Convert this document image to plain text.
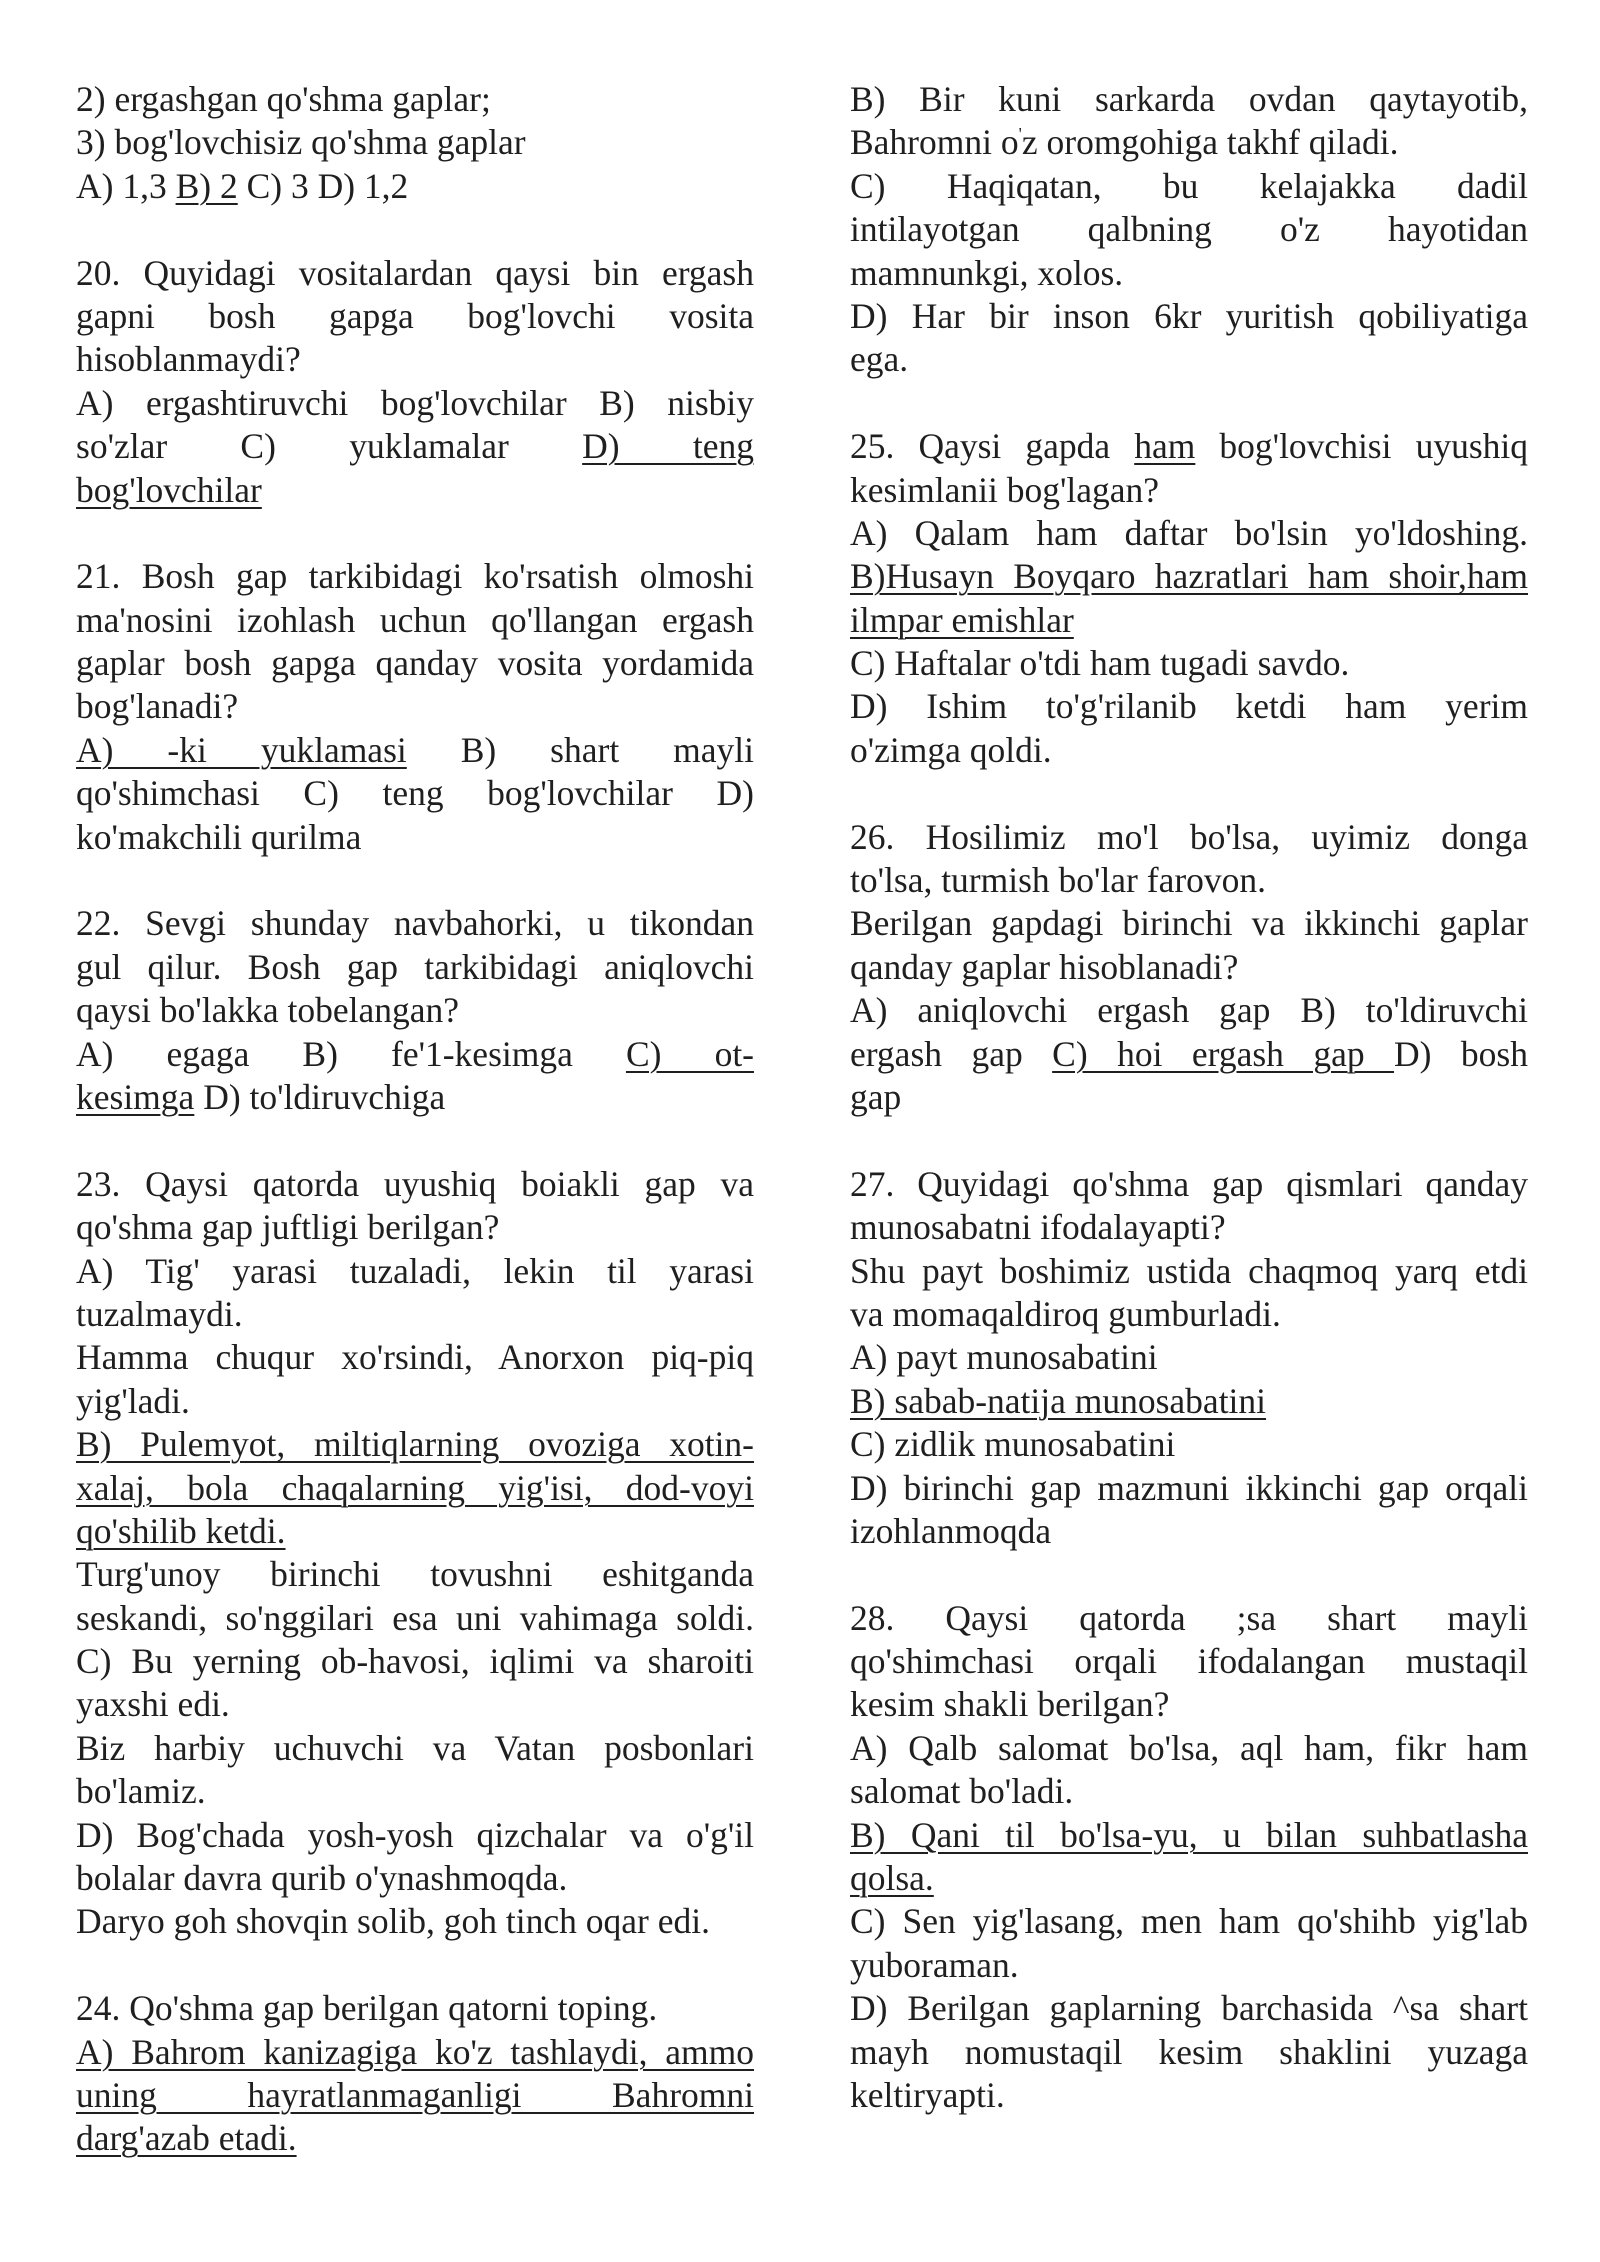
2) ergashgan qo'shma gaplar;
3) bog'lovchisiz qo'shma gaplar
A) 1,3 B) 2 C) 3 D) 1,2
20. Quyidagi vositalardan qaysi bin ergash
gapni bosh gapga bog'lovchi vosita
hisoblanmaydi?
A) ergashtiruvchi bog'lovchilar B) nisbiy
so'zlar C) yuklamalar D) teng
bog'lovchilar
21. Bosh gap tarkibidagi ko'rsatish olmoshi
ma'nosini izohlash uchun qo'llangan ergash
gaplar bosh gapga qanday vosita yordamida
bog'lanadi?
A) -ki yuklamasi B) shart mayli
qo'shimchasi C) teng bog'lovchilar D)
ko'makchili qurilma
22. Sevgi shunday navbahorki, u tikondan
gul qilur. Bosh gap tarkibidagi aniqlovchi
qaysi bo'lakka tobelangan?
A) egaga B) fe'1-kesimga C) ot-
kesimga D) to'ldiruvchiga
23. Qaysi qatorda uyushiq boiakli gap va
qo'shma gap juftligi berilgan?
A) Tig' yarasi tuzaladi, lekin til yarasi
tuzalmaydi.
Hamma chuqur xo'rsindi, Anorxon piq-piq
yig'ladi.
B) Pulemyot, miltiqlarning ovoziga xotin-
xalaj, bola chaqalarning yig'isi, dod-voyi
qo'shilib ketdi.
Turg'unoy birinchi tovushni eshitganda
seskandi, so'nggilari esa uni vahimaga soldi.
C) Bu yerning ob-havosi, iqlimi va sharoiti
yaxshi edi.
Biz harbiy uchuvchi va Vatan posbonlari
bo'lamiz.
D) Bog'chada yosh-yosh qizchalar va o'g'il
bolalar davra qurib o'ynashmoqda.
Daryo goh shovqin solib, goh tinch oqar edi.
24. Qo'shma gap berilgan qatorni toping.
A) Bahrom kanizagiga ko'z tashlaydi, ammo
uning hayratlanmaganligi Bahromni
darg'azab etadi.
B) Bir kuni sarkarda ovdan qaytayotib,
Bahromni o'z oromgohiga takhf qiladi.
C) Haqiqatan, bu kelajakka dadil
intilayotgan qalbning o'z hayotidan
mamnunkgi, xolos.
D) Har bir inson 6kr yuritish qobiliyatiga
ega.
25. Qaysi gapda ham bog'lovchisi uyushiq
kesimlanii bog'lagan?
A) Qalam ham daftar bo'lsin yo'ldoshing.
B)Husayn Boyqaro hazratlari ham shoir,ham
ilmpar emishlar
C) Haftalar o'tdi ham tugadi savdo.
D) Ishim to'g'rilanib ketdi ham yerim
o'zimga qoldi.
26. Hosilimiz mo'l bo'lsa, uyimiz donga
to'lsa, turmish bo'lar farovon.
Berilgan gapdagi birinchi va ikkinchi gaplar
qanday gaplar hisoblanadi?
A) aniqlovchi ergash gap B) to'ldiruvchi
ergash gap C) hoi ergash gap D) bosh
gap
27. Quyidagi qo'shma gap qismlari qanday
munosabatni ifodalayapti?
Shu payt boshimiz ustida chaqmoq yarq etdi
va momaqaldiroq gumburladi.
A) payt munosabatini
B) sabab-natija munosabatini
C) zidlik munosabatini
D) birinchi gap mazmuni ikkinchi gap orqali
izohlanmoqda
28. Qaysi qatorda ;sa shart mayli
qo'shimchasi orqali ifodalangan mustaqil
kesim shakli berilgan?
A) Qalb salomat bo'lsa, aql ham, fikr ham
salomat bo'ladi.
B) Qani til bo'lsa-yu, u bilan suhbatlasha
qolsa.
C) Sen yig'lasang, men ham qo'shihb yig'lab
yuboraman.
D) Berilgan gaplarning barchasida ^sa shart
mayh nomustaqil kesim shaklini yuzaga
keltiryapti.
